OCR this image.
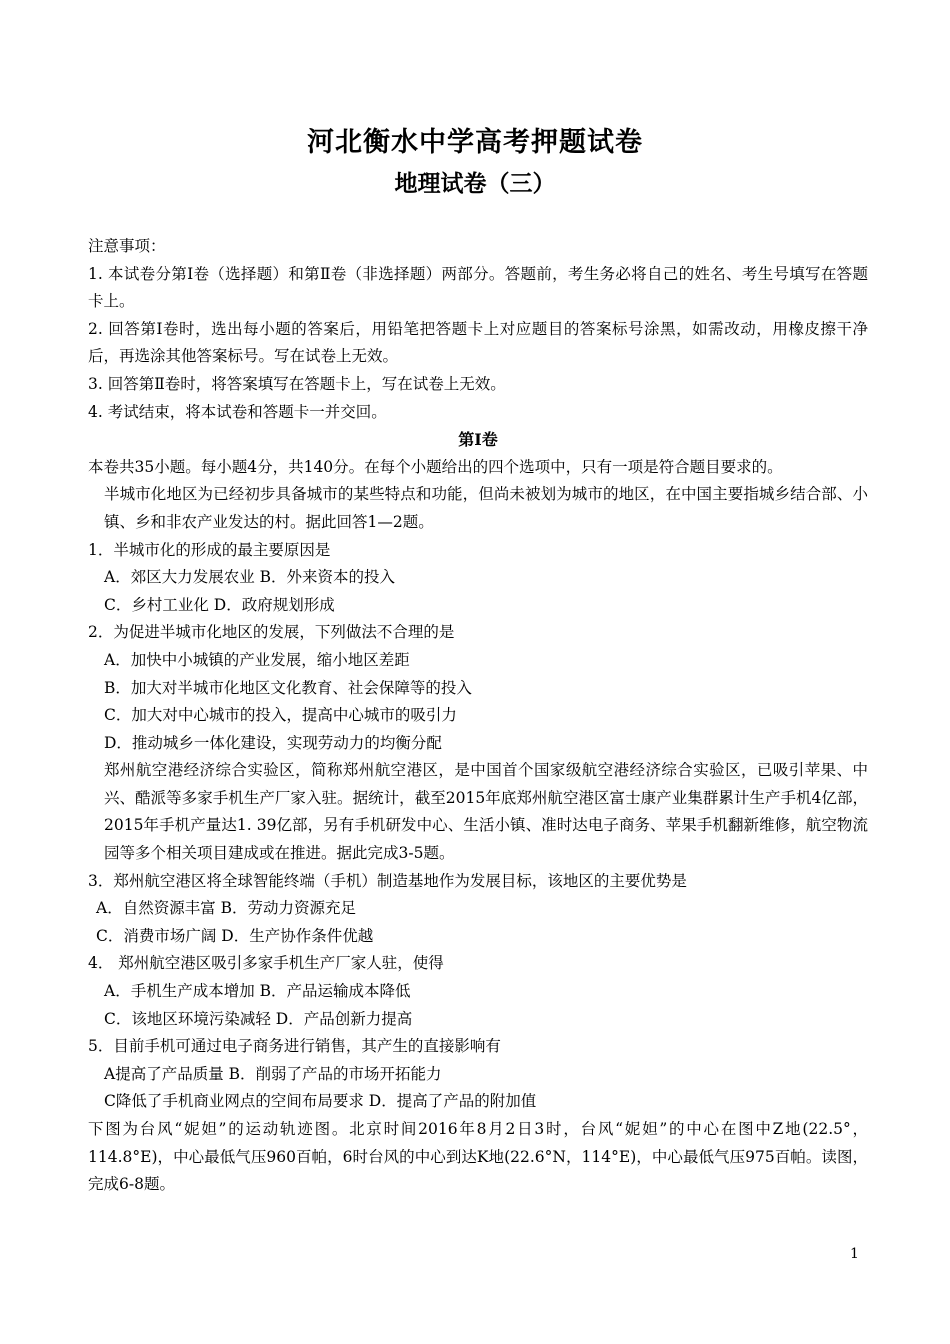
河北衡水中学高考押题试卷
地理试卷（三）

注意事项：

1. 本试卷分第Ⅰ卷（选择题）和第Ⅱ卷（非选择题）两部分。答题前，考生务必将自己的姓名、考生号填写在答题卡上。

2. 回答第Ⅰ卷时，选出每小题的答案后，用铅笔把答题卡上对应题目的答案标号涂黑，如需改动，用橡皮擦干净后，再选涂其他答案标号。写在试卷上无效。

3. 回答第Ⅱ卷时，将答案填写在答题卡上，写在试卷上无效。

4. 考试结束，将本试卷和答题卡一并交回。

第Ⅰ卷

本卷共35小题。每小题4分，共140分。在每个小题给出的四个选项中，只有一项是符合题目要求的。

半城市化地区为已经初步具备城市的某些特点和功能，但尚未被划为城市的地区，在中国主要指城乡结合部、小镇、乡和非农产业发达的村。据此回答1—2题。

1．半城市化的形成的最主要原因是

A．郊区大力发展农业 B．外来资本的投入

C．乡村工业化 D．政府规划形成

2．为促进半城市化地区的发展，下列做法不合理的是

A．加快中小城镇的产业发展，缩小地区差距

B．加大对半城市化地区文化教育、社会保障等的投入

C．加大对中心城市的投入，提高中心城市的吸引力

D．推动城乡一体化建设，实现劳动力的均衡分配

郑州航空港经济综合实验区，简称郑州航空港区，是中国首个国家级航空港经济综合实验区，已吸引苹果、中兴、酷派等多家手机生产厂家入驻。据统计，截至2015年底郑州航空港区富士康产业集群累计生产手机4亿部，2015年手机产量达1. 39亿部，另有手机研发中心、生活小镇、准时达电子商务、苹果手机翻新维修，航空物流园等多个相关项目建成或在推进。据此完成3-5题。

3．郑州航空港区将全球智能终端（手机）制造基地作为发展目标，该地区的主要优势是

A．自然资源丰富 B．劳动力资源充足

C．消费市场广阔 D．生产协作条件优越

4． 郑州航空港区吸引多家手机生产厂家人驻，使得

A．手机生产成本增加 B．产品运输成本降低

C．该地区环境污染减轻 D．产品创新力提高

5．目前手机可通过电子商务进行销售，其产生的直接影响有

A提高了产品质量 B．削弱了产品的市场开拓能力

C降低了手机商业网点的空间布局要求 D．提高了产品的附加值

下图为台风“妮妲”的运动轨迹图。北京时间2016年8月2日3时，台风“妮妲”的中心在图中Z地(22.5°，114.8°E)，中心最低气压960百帕，6时台风的中心到达K地(22.6°N，114°E)，中心最低气压975百帕。读图，完成6-8题。

1
